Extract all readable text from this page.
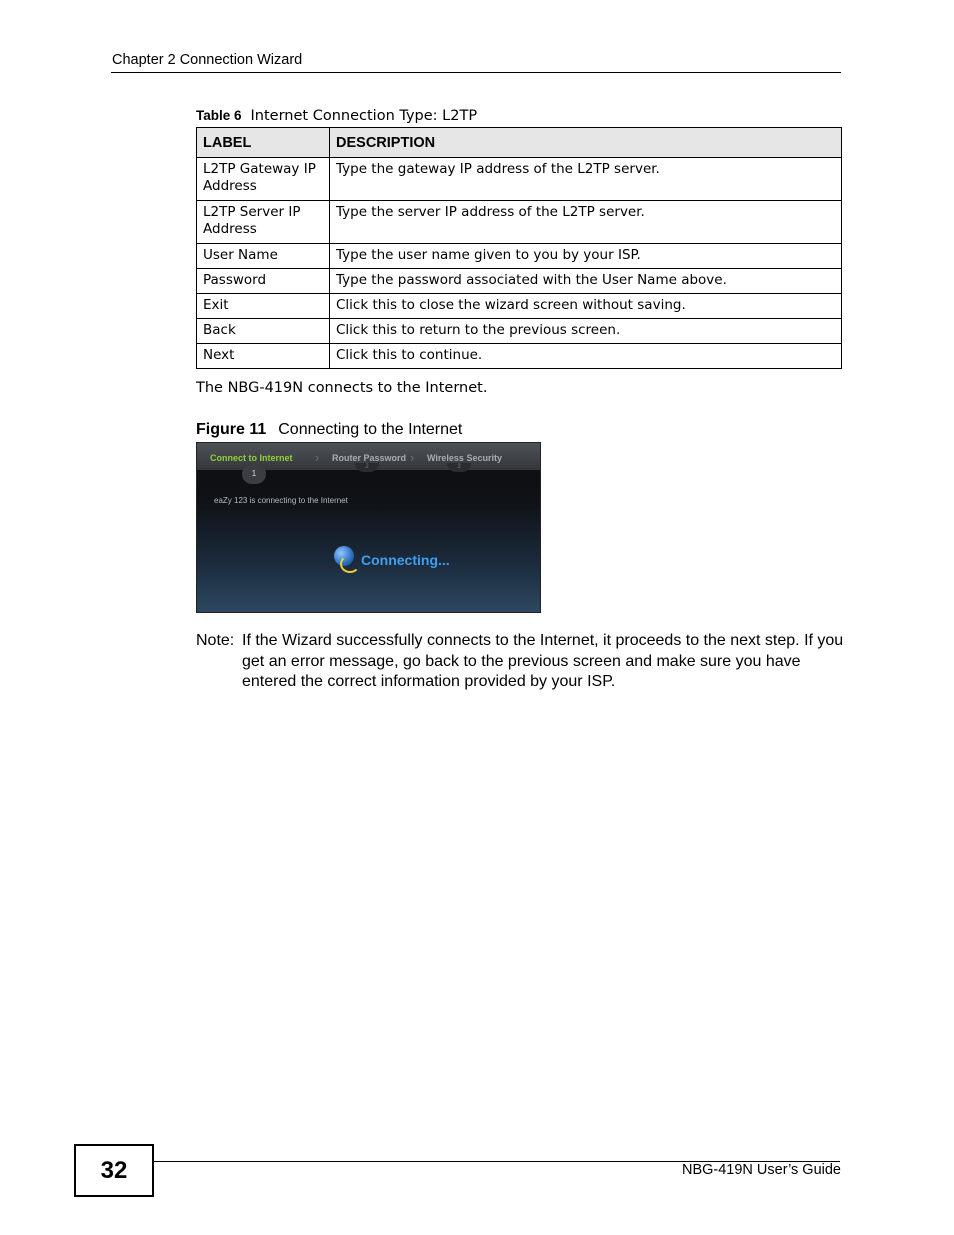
Chapter 2 Connection Wizard
Table 6 Internet Connection Type: L2TP
LABEL	DESCRIPTION
L2TP Gateway IP Address	Type the gateway IP address of the L2TP server.
L2TP Server IP Address	Type the server IP address of the L2TP server.
User Name	Type the user name given to you by your ISP.
Password	Type the password associated with the User Name above.
Exit	Click this to close the wizard screen without saving.
Back	Click this to return to the previous screen.
Next	Click this to continue.
The NBG-419N connects to the Internet.
Figure 11 Connecting to the Internet
1
2	3
Connect to Internet › Router Password › Wireless Security
eaZy 123 is connecting to the Internet
Connecting...
Note: If the Wizard successfully connects to the Internet, it proceeds to the next step. If you get an error message, go back to the previous screen and make sure you have entered the correct information provided by your ISP.
32	NBG-419N User’s Guide
